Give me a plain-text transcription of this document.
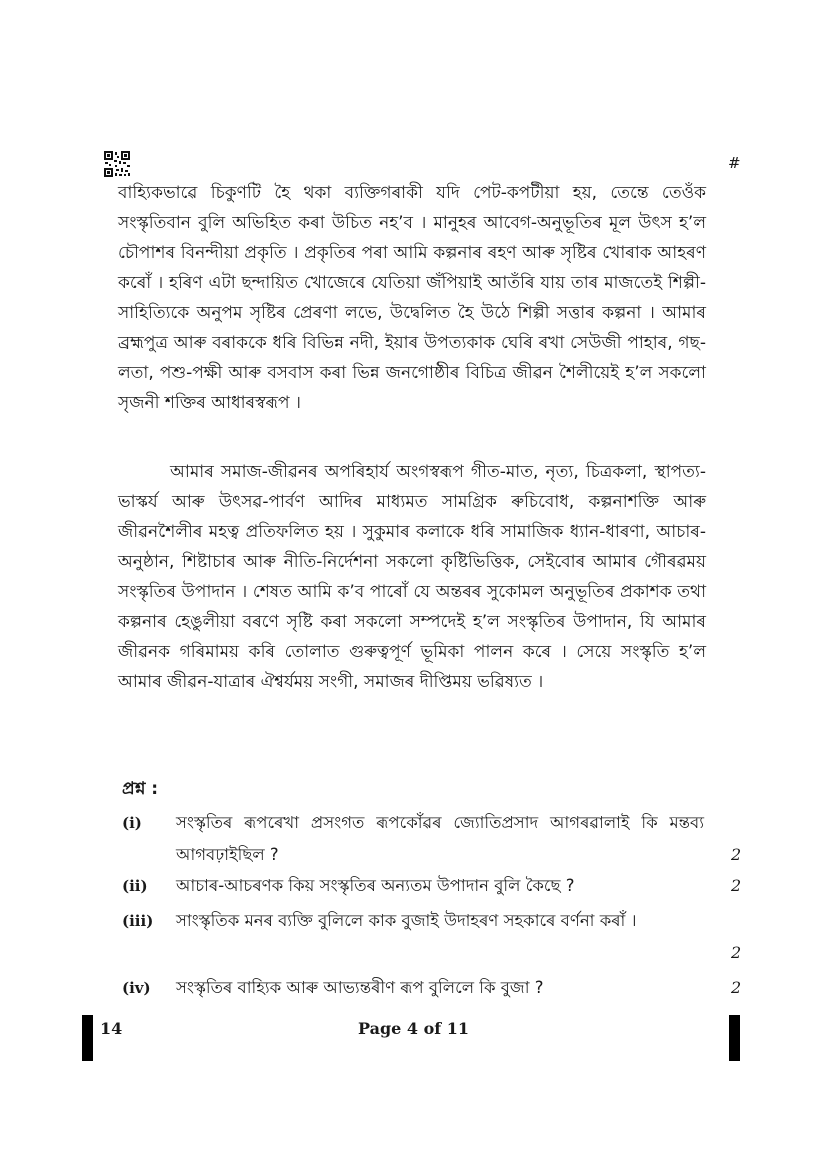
#

বাহ্যিকভাৱে চিকুণটি হৈ থকা ব্যক্তিগৰাকী যদি পেট-কপটীয়া হয়, তেন্তে তেওঁক সংস্কৃতিবান বুলি অভিহিত কৰা উচিত নহ’ব । মানুহৰ আবেগ-অনুভূতিৰ মূল উৎস হ’ল চৌপাশৰ বিনন্দীয়া প্ৰকৃতি । প্ৰকৃতিৰ পৰা আমি কল্পনাৰ ৰহণ আৰু সৃষ্টিৰ খোৰাক আহৰণ কৰোঁ । হৰিণ এটা ছন্দায়িত খোজেৰে যেতিয়া জঁপিয়াই আতঁৰি যায় তাৰ মাজতেই শিল্পী-সাহিত্যিকে অনুপম সৃষ্টিৰ প্ৰেৰণা লভে, উদ্বেলিত হৈ উঠে শিল্পী সত্তাৰ কল্পনা । আমাৰ ব্ৰহ্মপুত্ৰ আৰু বৰাককে ধৰি বিভিন্ন নদী, ইয়াৰ উপত্যকাক ঘেৰি ৰখা সেউজী পাহাৰ, গছ-লতা, পশু-পক্ষী আৰু বসবাস কৰা ভিন্ন জনগোষ্ঠীৰ বিচিত্ৰ জীৱন শৈলীয়েই হ’ল সকলো সৃজনী শক্তিৰ আধাৰস্বৰূপ ।

আমাৰ সমাজ-জীৱনৰ অপৰিহাৰ্য অংগস্বৰূপ গীত-মাত, নৃত্য, চিত্ৰকলা, স্থাপত্য-ভাস্কৰ্য আৰু উৎসৱ-পাৰ্বণ আদিৰ মাধ্যমত সামগ্ৰিক ৰুচিবোধ, কল্পনাশক্তি আৰু জীৱনশৈলীৰ মহত্ব প্ৰতিফলিত হয় । সুকুমাৰ কলাকে ধৰি সামাজিক ধ্যান-ধাৰণা, আচাৰ-অনুষ্ঠান, শিষ্টাচাৰ আৰু নীতি-নিৰ্দেশনা সকলো কৃষ্টিভিত্তিক, সেইবোৰ আমাৰ গৌৰৱময় সংস্কৃতিৰ উপাদান । শেষত আমি ক’ব পাৰোঁ যে অন্তৰৰ সুকোমল অনুভূতিৰ প্ৰকাশক তথা কল্পনাৰ হেঙুলীয়া বৰণে সৃষ্টি কৰা সকলো সম্পদেই হ’ল সংস্কৃতিৰ উপাদান, যি আমাৰ জীৱনক গৰিমাময় কৰি তোলাত গুৰুত্বপূৰ্ণ ভূমিকা পালন কৰে । সেয়ে সংস্কৃতি হ’ল আমাৰ জীৱন-যাত্ৰাৰ ঐশ্বৰ্যময় সংগী, সমাজৰ দীপ্তিময় ভৱিষ্যত ।

প্ৰশ্ন :
(i) সংস্কৃতিৰ ৰূপৰেখা প্ৰসংগত ৰূপকোঁৱৰ জ্যোতিপ্ৰসাদ আগৰৱালাই কি মন্তব্য আগবঢ়াইছিল ?	2
(ii) আচাৰ-আচৰণক কিয় সংস্কৃতিৰ অন্যতম উপাদান বুলি কৈছে ?	2
(iii) সাংস্কৃতিক মনৰ ব্যক্তি বুলিলে কাক বুজাই উদাহৰণ সহকাৰে বৰ্ণনা কৰাঁ ।

2
(iv) সংস্কৃতিৰ বাহ্যিক আৰু আভ্যন্তৰীণ ৰূপ বুলিলে কি বুজা ?	2
14	Page 4 of 11
